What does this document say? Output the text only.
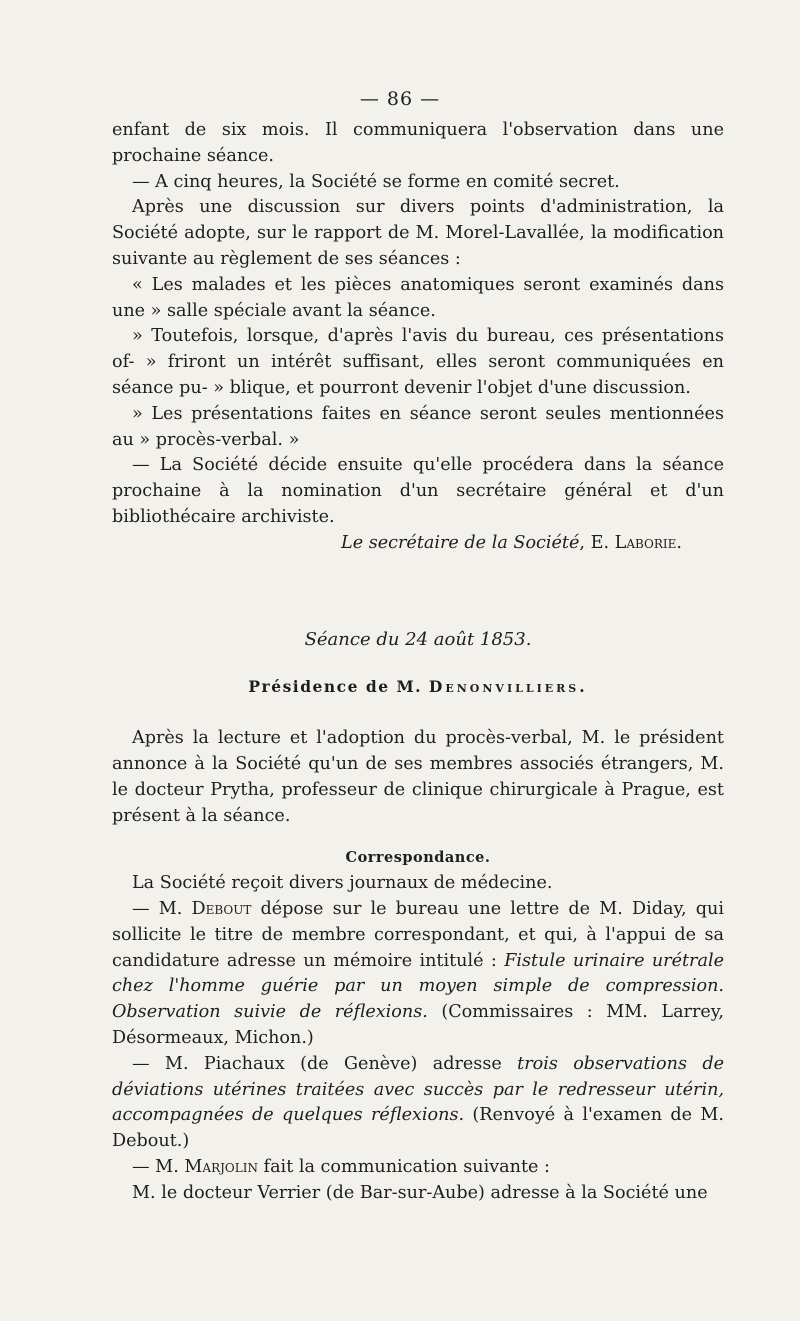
— 86 —

enfant de six mois. Il communiquera l'observation dans une prochaine séance.

— A cinq heures, la Société se forme en comité secret.

Après une discussion sur divers points d'administration, la Société adopte, sur le rapport de M. Morel-Lavallée, la modification suivante au règlement de ses séances :

« Les malades et les pièces anatomiques seront examinés dans une » salle spéciale avant la séance.

» Toutefois, lorsque, d'après l'avis du bureau, ces présentations of- » friront un intérêt suffisant, elles seront communiquées en séance pu- » blique, et pourront devenir l'objet d'une discussion.

» Les présentations faites en séance seront seules mentionnées au » procès-verbal. »

— La Société décide ensuite qu'elle procédera dans la séance prochaine à la nomination d'un secrétaire général et d'un bibliothécaire archiviste.

Le secrétaire de la Société, E. Laborie.

Séance du 24 août 1853.

Présidence de M. Denonvilliers.

Après la lecture et l'adoption du procès-verbal, M. le président annonce à la Société qu'un de ses membres associés étrangers, M. le docteur Prytha, professeur de clinique chirurgicale à Prague, est présent à la séance.

Correspondance.

La Société reçoit divers journaux de médecine.

— M. Debout dépose sur le bureau une lettre de M. Diday, qui sollicite le titre de membre correspondant, et qui, à l'appui de sa candidature adresse un mémoire intitulé : Fistule urinaire urétrale chez l'homme guérie par un moyen simple de compression. Observation suivie de réflexions. (Commissaires : MM. Larrey, Désormeaux, Michon.)

— M. Piachaux (de Genève) adresse trois observations de déviations utérines traitées avec succès par le redresseur utérin, accompagnées de quelques réflexions. (Renvoyé à l'examen de M. Debout.)

— M. Marjolin fait la communication suivante :

M. le docteur Verrier (de Bar-sur-Aube) adresse à la Société une
